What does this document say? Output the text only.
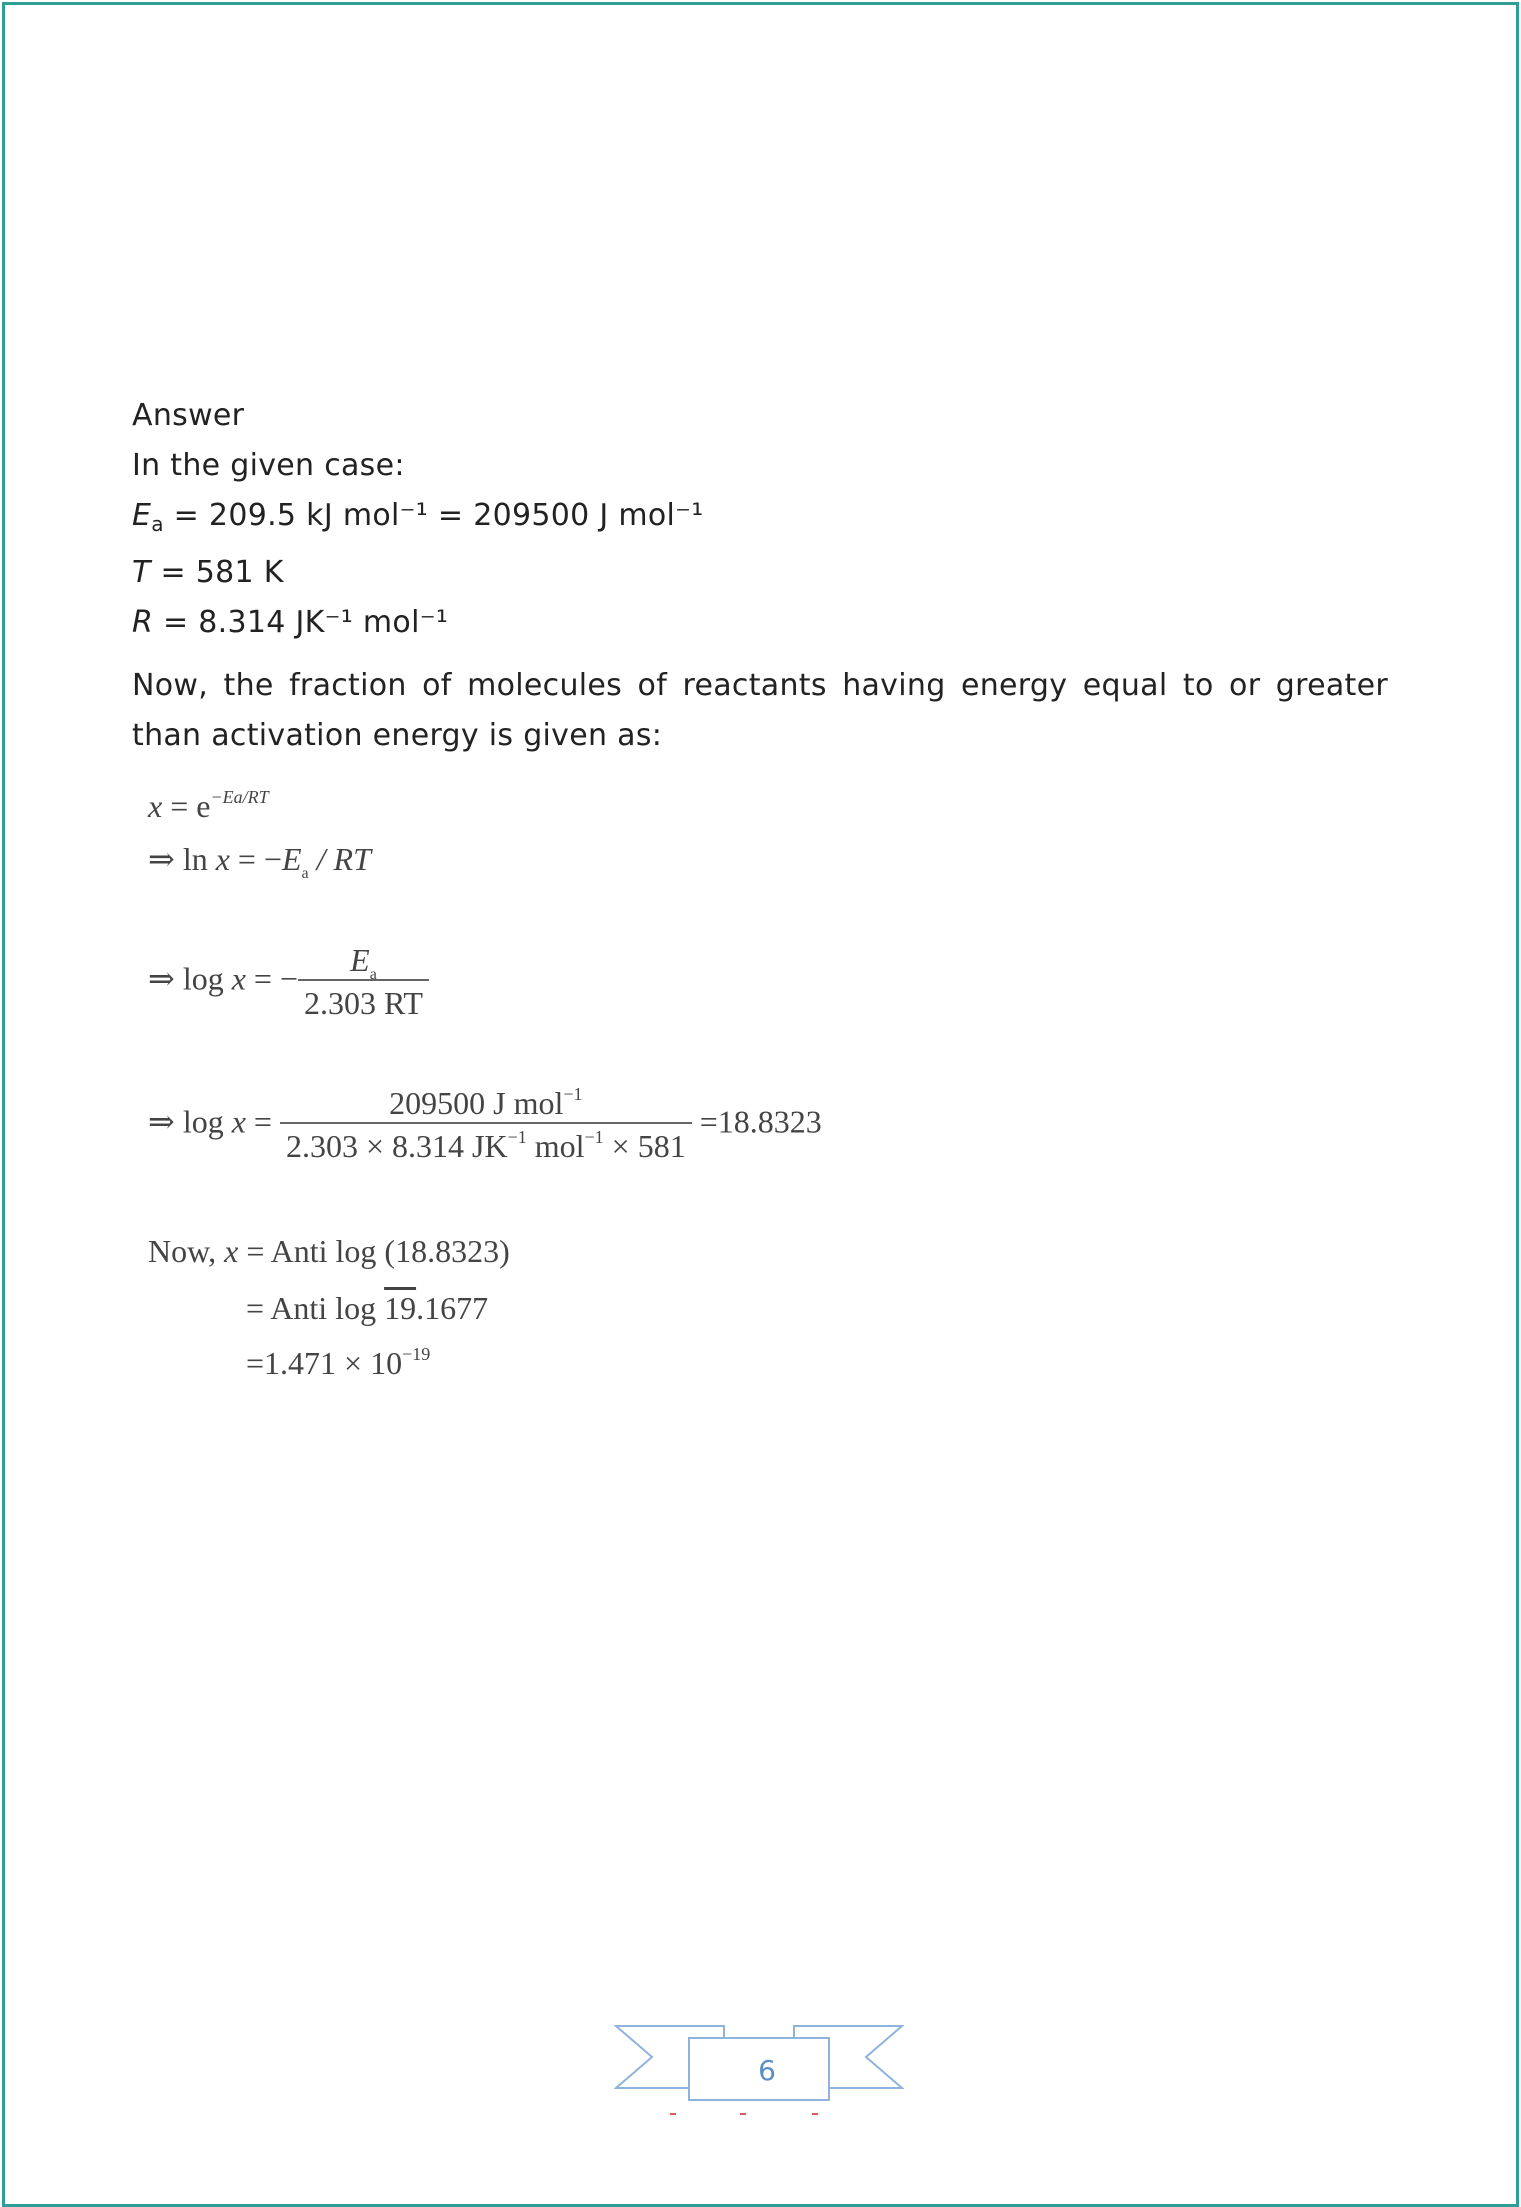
Answer
In the given case:
$E_a = 209.5$ kJ mol⁻¹ = 209500 J mol⁻¹
T = 581 K
R = 8.314 JK⁻¹ mol⁻¹
Now, the fraction of molecules of reactants having energy equal to or greater than activation energy is given as:
$x = e^{-Ea/RT}$
⇒ $\ln x = -E_a$ / RT
⇒ log x = − $\frac{E_a}{2.303 RT}$
⇒ $\log x = \frac{209500 J mol^{-1}}{2.303 \times 8.314 JK^{-1} mol^{-1} \times 581} =18.8323$
Now, x = Anti log (18.8323)
= Anti log 19.1677
$=1.471 \times 10^{-19}$
6
